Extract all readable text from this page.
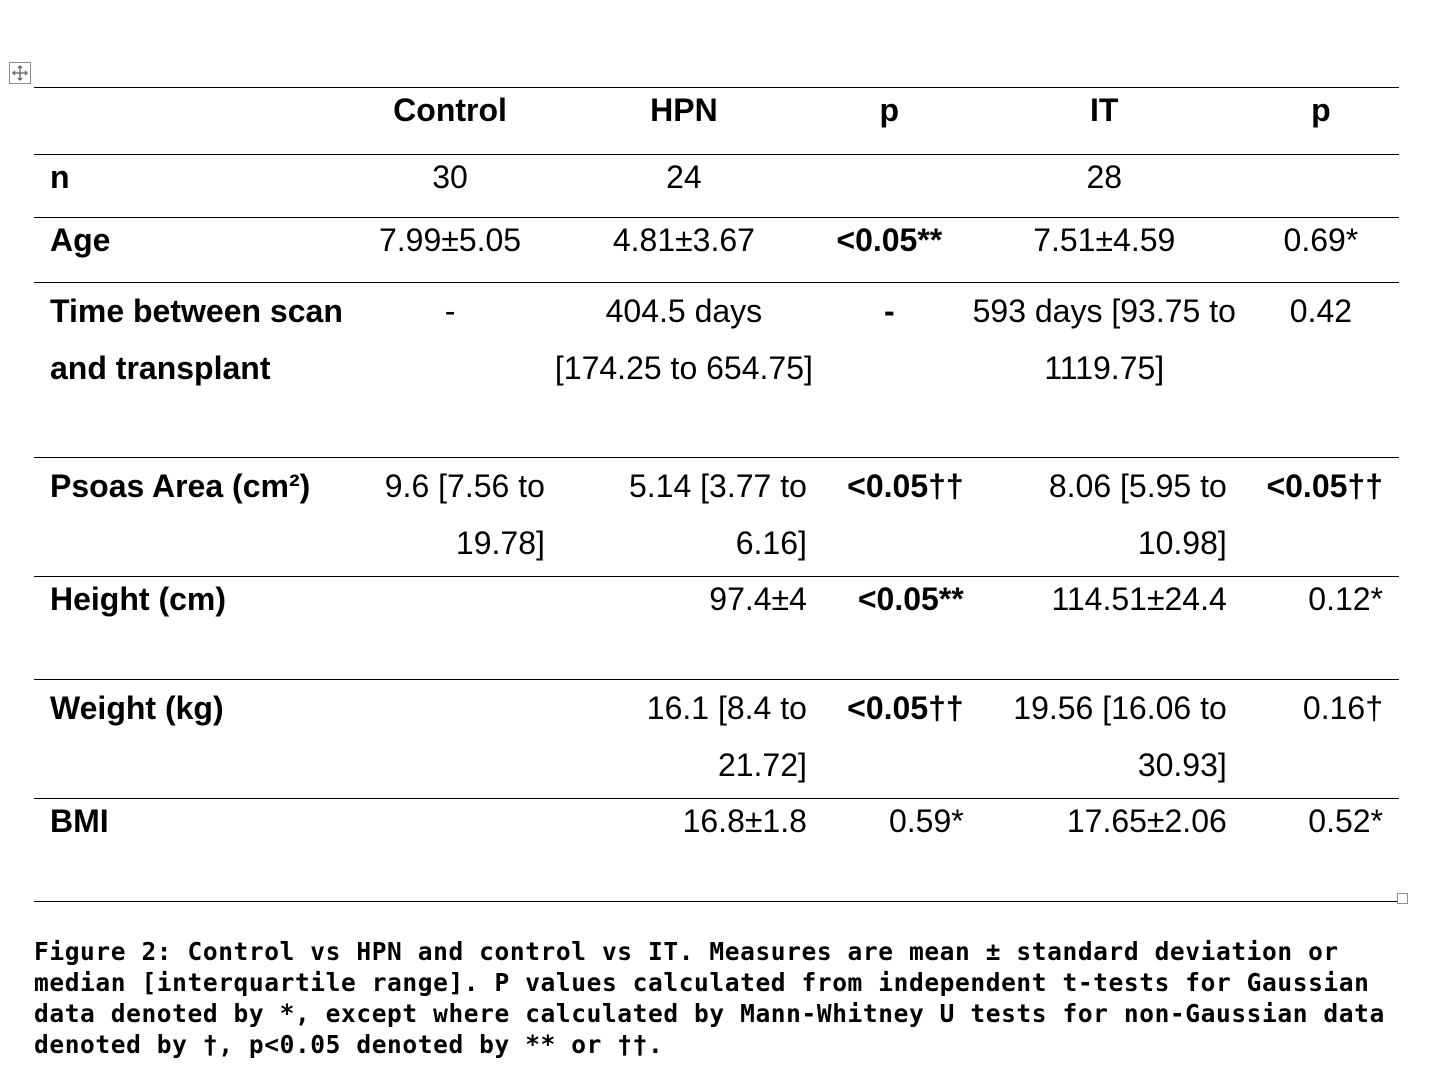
	Control	HPN	p	IT	p
n	30	24		28	
Age	7.99±5.05	4.81±3.67	<0.05**	7.51±4.59	0.69*
Time between scan and transplant	-	404.5 days [174.25 to 654.75]	-	593 days [93.75 to 1119.75]	0.42
Psoas Area (cm²)	9.6 [7.56 to 19.78]	5.14 [3.77 to 6.16]	<0.05††	8.06 [5.95 to 10.98]	<0.05††
Height (cm)		97.4±4	<0.05**	114.51±24.4	0.12*
Weight (kg)		16.1 [8.4 to 21.72]	<0.05††	19.56 [16.06 to 30.93]	0.16†
BMI		16.8±1.8	0.59*	17.65±2.06	0.52*

Figure 2: Control vs HPN and control vs IT. Measures are mean ± standard deviation or median [interquartile range]. P values calculated from independent t-tests for Gaussian data denoted by *, except where calculated by Mann-Whitney U tests for non-Gaussian data denoted by †, p<0.05 denoted by ** or ††.
